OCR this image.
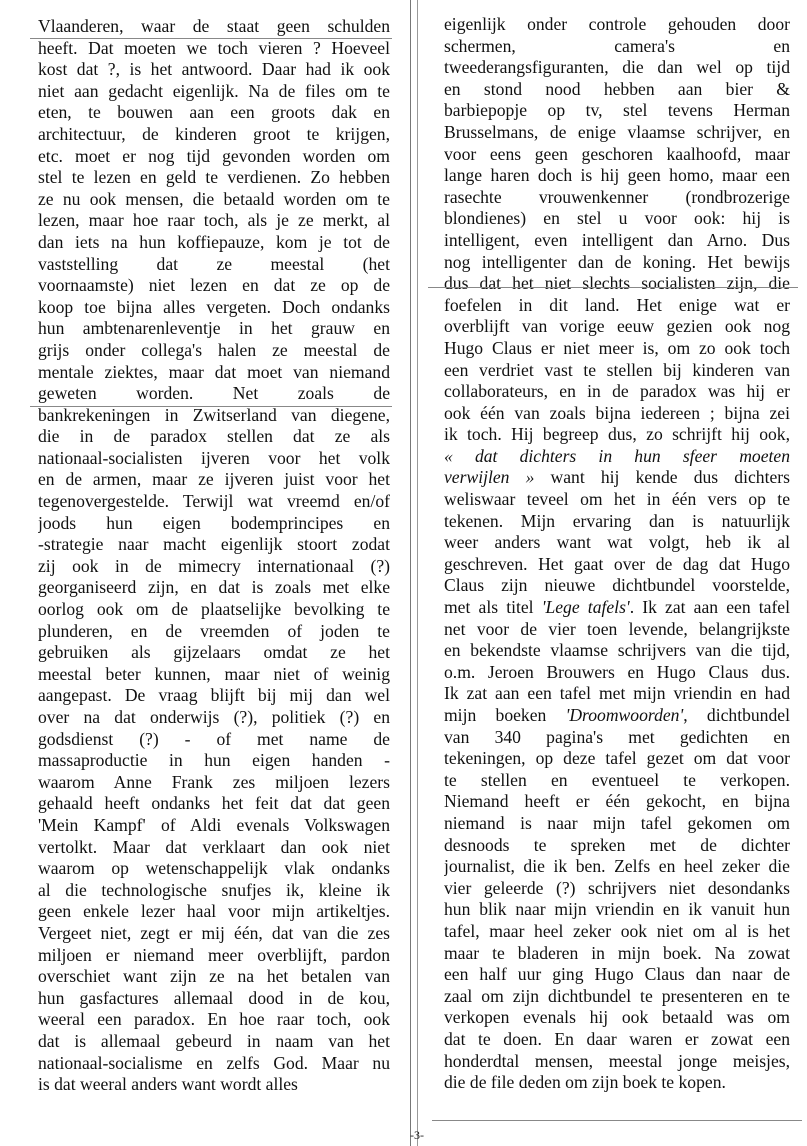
Vlaanderen, waar de staat geen schulden
heeft. Dat moeten we toch vieren ? Hoeveel
kost dat ?, is het antwoord. Daar had ik ook
niet aan gedacht eigenlijk. Na de files om te
eten, te bouwen aan een groots dak en
architectuur, de kinderen groot te krijgen,
etc. moet er nog tijd gevonden worden om
stel te lezen en geld te verdienen. Zo hebben
ze nu ook mensen, die betaald worden om te
lezen, maar hoe raar toch, als je ze merkt, al
dan iets na hun koffiepauze, kom je tot de
vaststelling dat ze meestal (het
voornaamste) niet lezen en dat ze op de
koop toe bijna alles vergeten. Doch ondanks
hun ambtenarenleventje in het grauw en
grijs onder collega's halen ze meestal de
mentale ziektes, maar dat moet van niemand
geweten worden. Net zoals de
bankrekeningen in Zwitserland van diegene,
die in de paradox stellen dat ze als
nationaal-socialisten ijveren voor het volk
en de armen, maar ze ijveren juist voor het
tegenovergestelde. Terwijl wat vreemd en/of
joods hun eigen bodemprincipes en
-strategie naar macht eigenlijk stoort zodat
zij ook in de mimecry internationaal (?)
georganiseerd zijn, en dat is zoals met elke
oorlog ook om de plaatselijke bevolking te
plunderen, en de vreemden of joden te
gebruiken als gijzelaars omdat ze het
meestal beter kunnen, maar niet of weinig
aangepast. De vraag blijft bij mij dan wel
over na dat onderwijs (?), politiek (?) en
godsdienst (?) - of met name de
massaproductie in hun eigen handen -
waarom Anne Frank zes miljoen lezers
gehaald heeft ondanks het feit dat dat geen
'Mein Kampf' of Aldi evenals Volkswagen
vertolkt. Maar dat verklaart dan ook niet
waarom op wetenschappelijk vlak ondanks
al die technologische snufjes ik, kleine ik
geen enkele lezer haal voor mijn artikeltjes.
Vergeet niet, zegt er mij één, dat van die zes
miljoen er niemand meer overblijft, pardon
overschiet want zijn ze na het betalen van
hun gasfactures allemaal dood in de kou,
weeral een paradox. En hoe raar toch, ook
dat is allemaal gebeurd in naam van het
nationaal-socialisme en zelfs God. Maar nu
is dat weeral anders want wordt alles
eigenlijk onder controle gehouden door
schermen, camera's en
tweederangsfiguranten, die dan wel op tijd
en stond nood hebben aan bier &
barbiepopje op tv, stel tevens Herman
Brusselmans, de enige vlaamse schrijver, en
voor eens geen geschoren kaalhoofd, maar
lange haren doch is hij geen homo, maar een
rasechte vrouwenkenner (rondbrozerige
blondienes) en stel u voor ook: hij is
intelligent, even intelligent dan Arno. Dus
nog intelligenter dan de koning. Het bewijs
dus dat het niet slechts socialisten zijn, die
foefelen in dit land. Het enige wat er
overblijft van vorige eeuw gezien ook nog
Hugo Claus er niet meer is, om zo ook toch
een verdriet vast te stellen bij kinderen van
collaborateurs, en in de paradox was hij er
ook één van zoals bijna iedereen ; bijna zei
ik toch. Hij begreep dus, zo schrijft hij ook,
« dat dichters in hun sfeer moeten
verwijlen » want hij kende dus dichters
weliswaar teveel om het in één vers op te
tekenen. Mijn ervaring dan is natuurlijk
weer anders want wat volgt, heb ik al
geschreven. Het gaat over de dag dat Hugo
Claus zijn nieuwe dichtbundel voorstelde,
met als titel 'Lege tafels'. Ik zat aan een tafel
net voor de vier toen levende, belangrijkste
en bekendste vlaamse schrijvers van die tijd,
o.m. Jeroen Brouwers en Hugo Claus dus.
Ik zat aan een tafel met mijn vriendin en had
mijn boeken 'Droomwoorden', dichtbundel
van 340 pagina's met gedichten en
tekeningen, op deze tafel gezet om dat voor
te stellen en eventueel te verkopen.
Niemand heeft er één gekocht, en bijna
niemand is naar mijn tafel gekomen om
desnoods te spreken met de dichter
journalist, die ik ben. Zelfs en heel zeker die
vier geleerde (?) schrijvers niet desondanks
hun blik naar mijn vriendin en ik vanuit hun
tafel, maar heel zeker ook niet om al is het
maar te bladeren in mijn boek. Na zowat
een half uur ging Hugo Claus dan naar de
zaal om zijn dichtbundel te presenteren en te
verkopen evenals hij ook betaald was om
dat te doen. En daar waren er zowat een
honderdtal mensen, meestal jonge meisjes,
die de file deden om zijn boek te kopen.
-3-
